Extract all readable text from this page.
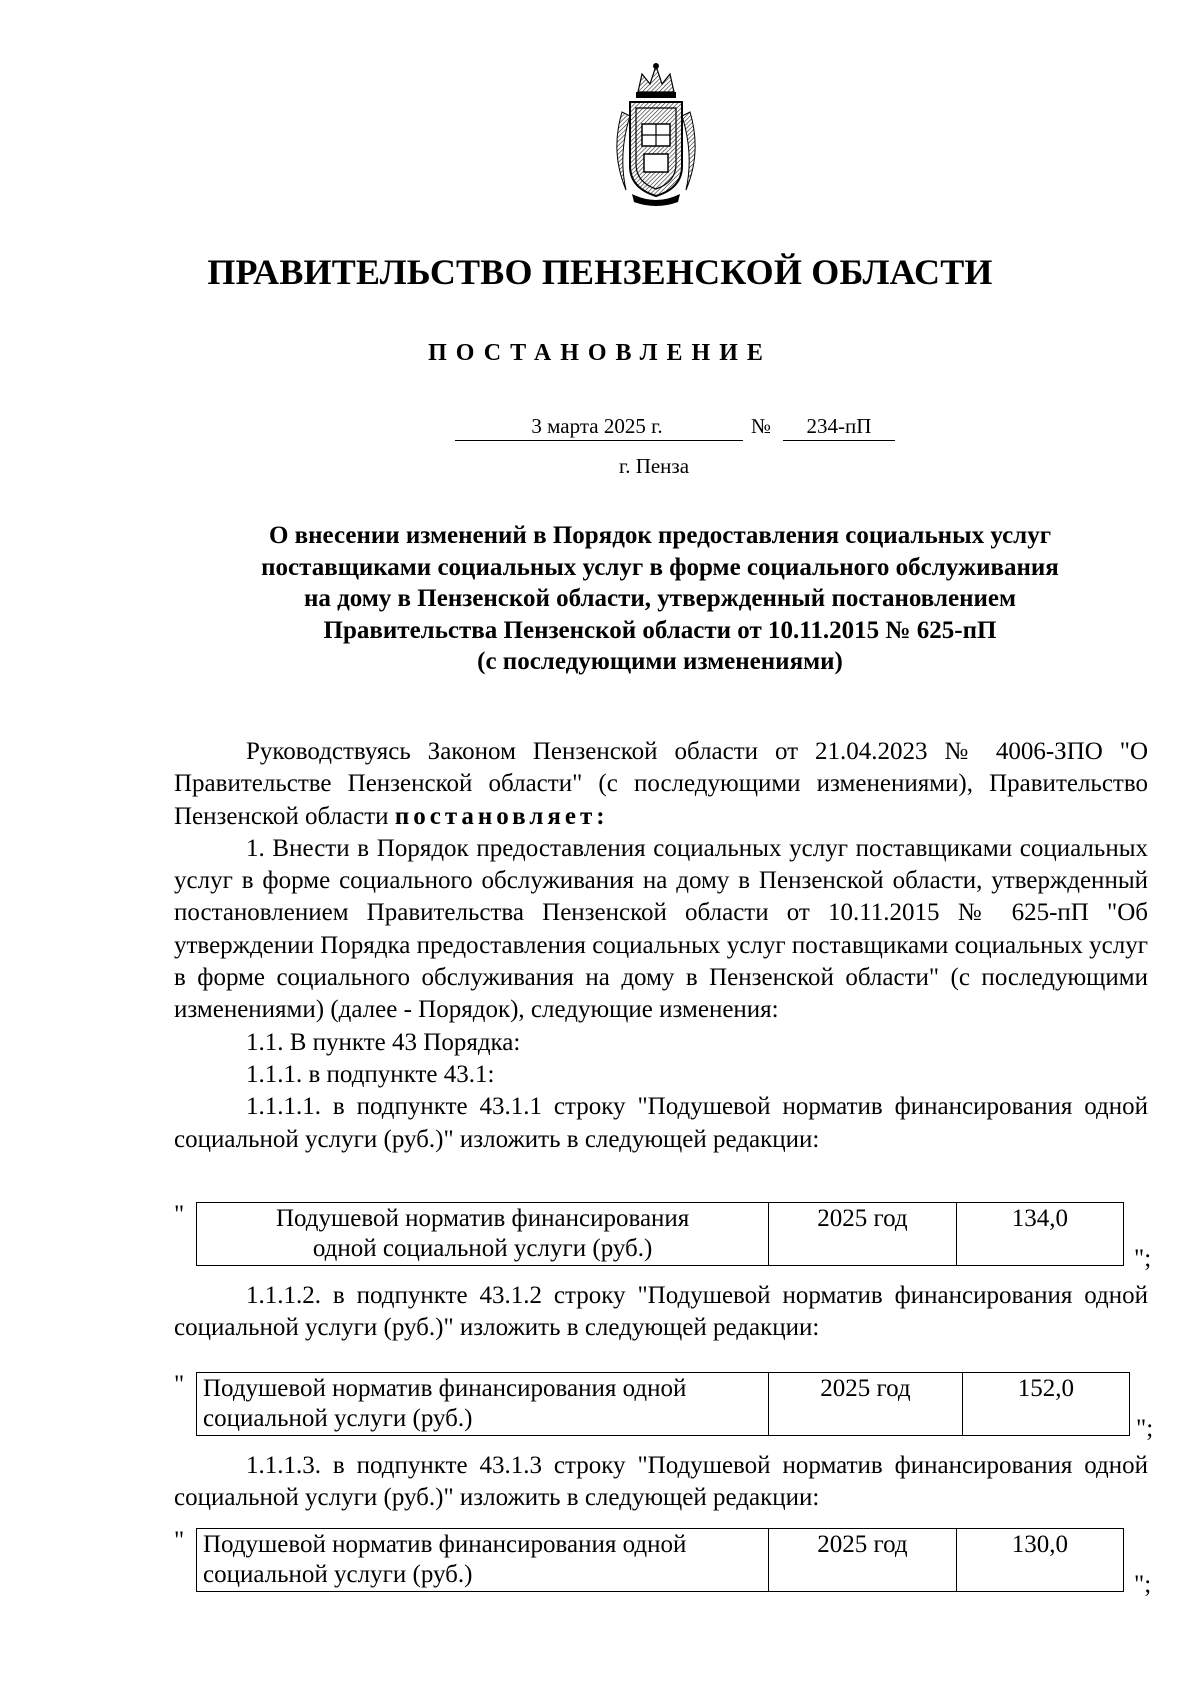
ПРАВИТЕЛЬСТВО ПЕНЗЕНСКОЙ ОБЛАСТИ
ПОСТАНОВЛЕНИЕ
3 марта 2025 г.	№	234-пП
г. Пенза
О внесении изменений в Порядок предоставления социальных услуг
поставщиками социальных услуг в форме социального обслуживания
на дому в Пензенской области, утвержденный постановлением
Правительства Пензенской области от 10.11.2015 № 625-пП
(с последующими изменениями)

Руководствуясь Законом Пензенской области от 21.04.2023 № 4006-ЗПО "О Правительстве Пензенской области" (с последующими изменениями), Правительство Пензенской области постановляет:

1. Внести в Порядок предоставления социальных услуг поставщиками социальных услуг в форме социального обслуживания на дому в Пензенской области, утвержденный постановлением Правительства Пензенской области от 10.11.2015 № 625-пП "Об утверждении Порядка предоставления социальных услуг поставщиками социальных услуг в форме социального обслуживания на дому в Пензенской области" (с последующими изменениями) (далее - Порядок), следующие изменения:

1.1. В пункте 43 Порядка:

1.1.1. в подпункте 43.1:

1.1.1.1. в подпункте 43.1.1 строку "Подушевой норматив финансирования одной социальной услуги (руб.)" изложить в следующей редакции:

"	Подушевой норматив финансирования
одной социальной услуги (руб.)
	2025 год	134,0
";

1.1.1.2. в подпункте 43.1.2 строку "Подушевой норматив финансирования одной социальной услуги (руб.)" изложить в следующей редакции:

" Подушевой норматив финансирования одной
социальной услуги (руб.)
	2025 год	152,0
";

1.1.1.3. в подпункте 43.1.3 строку "Подушевой норматив финансирования одной социальной услуги (руб.)" изложить в следующей редакции:

" Подушевой норматив финансирования одной
социальной услуги (руб.)
	2025 год	130,0
";
